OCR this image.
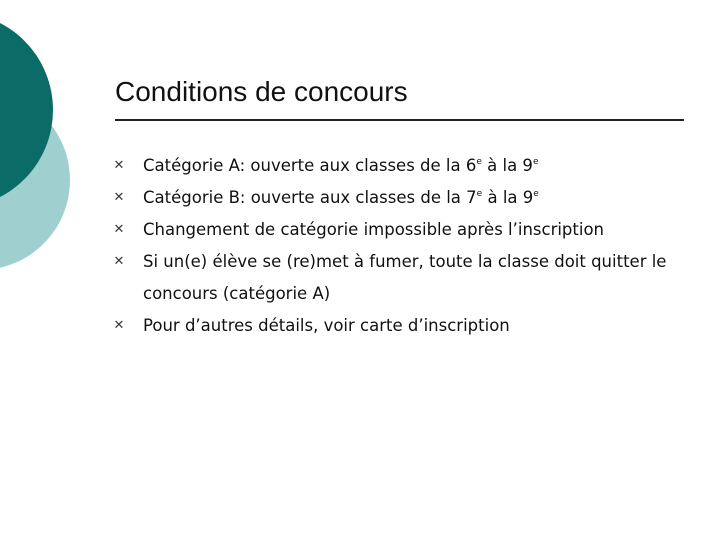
Conditions de concours
✕ Catégorie A: ouverte aux classes de la 6e à la 9e
✕ Catégorie B: ouverte aux classes de la 7e à la 9e
✕ Changement de catégorie impossible après l’inscription
✕ Si un(e) élève se (re)met à fumer, toute la classe doit quitter le concours (catégorie A)
✕ Pour d’autres détails, voir carte d’inscription
